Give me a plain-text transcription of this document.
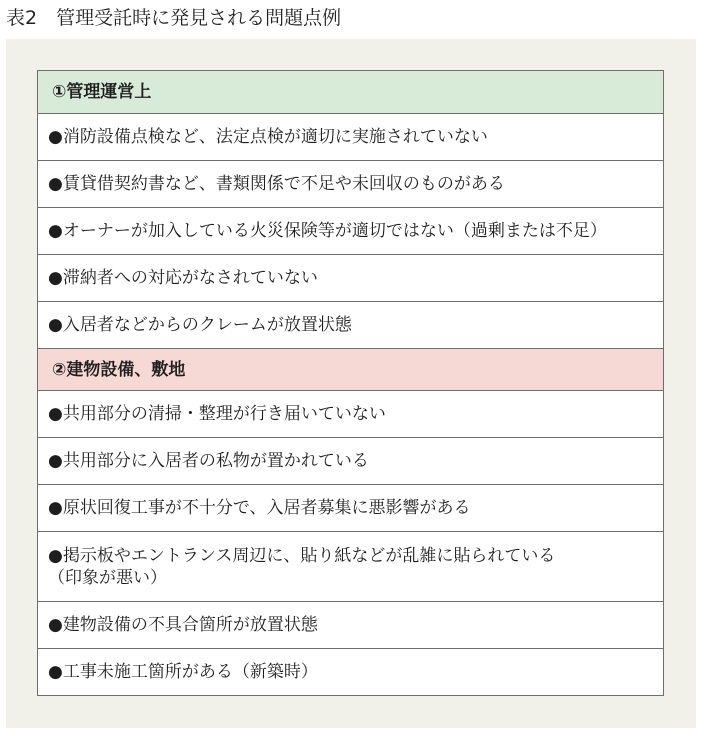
表2　管理受託時に発見される問題点例
①管理運営上
●消防設備点検など、法定点検が適切に実施されていない
●賃貸借契約書など、書類関係で不足や未回収のものがある
●オーナーが加入している火災保険等が適切ではない（過剰または不足）
●滞納者への対応がなされていない
●入居者などからのクレームが放置状態
②建物設備、敷地
●共用部分の清掃・整理が行き届いていない
●共用部分に入居者の私物が置かれている
●原状回復工事が不十分で、入居者募集に悪影響がある
●掲示板やエントランス周辺に、貼り紙などが乱雑に貼られている
（印象が悪い）
●建物設備の不具合箇所が放置状態
●工事未施工箇所がある（新築時）
